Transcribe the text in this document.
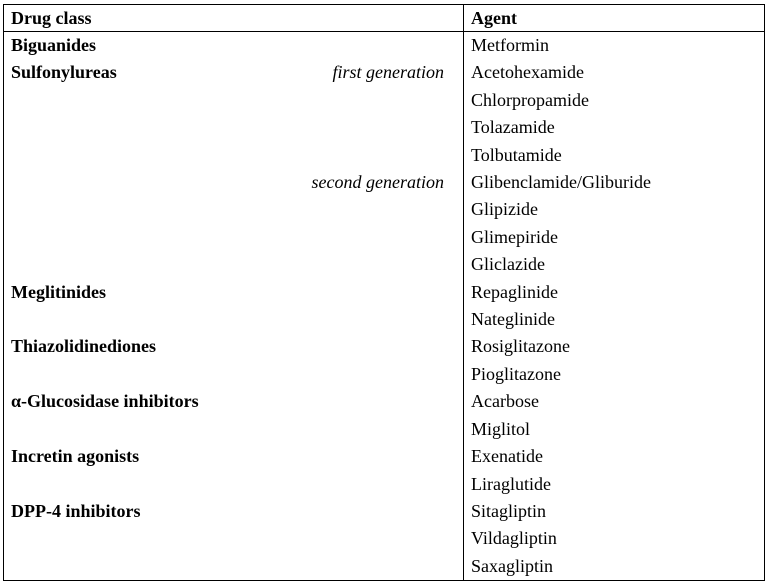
Drug class	Agent

Biguanides	Metformin

Sulfonylureas first generation	Acetohexamide

	Chlorpropamide

	Tolazamide

	Tolbutamide

second generation	Glibenclamide/Gliburide

	Glipizide

	Glimepiride

	Gliclazide

Meglitinides	Repaglinide

	Nateglinide

Thiazolidinediones	Rosiglitazone

	Pioglitazone

α-Glucosidase inhibitors	Acarbose

	Miglitol

Incretin agonists	Exenatide

	Liraglutide

DPP-4 inhibitors	Sitagliptin

	Vildagliptin

	Saxagliptin
